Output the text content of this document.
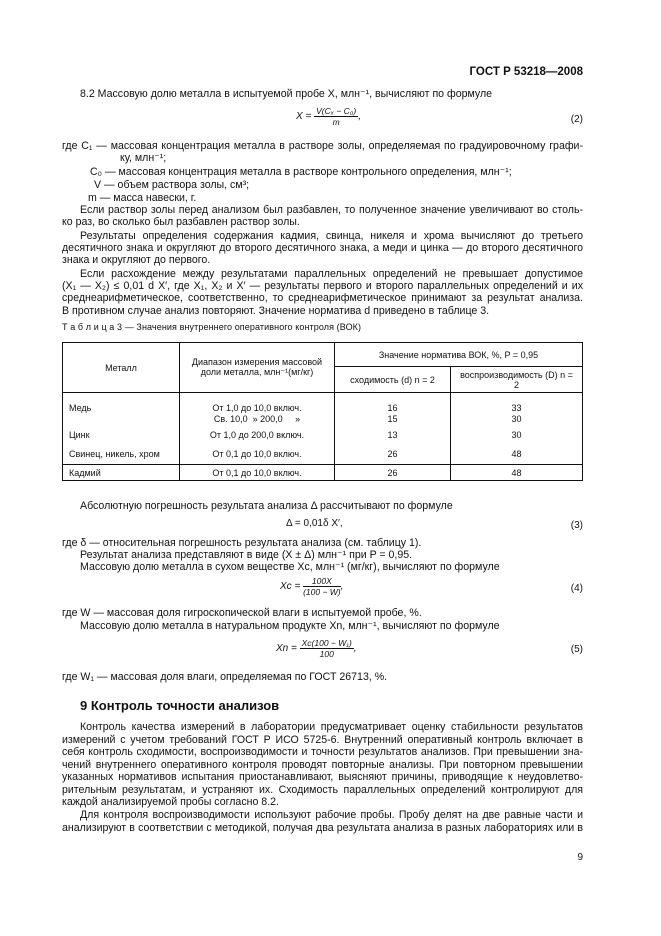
ГОСТ Р 53218—2008
8.2 Массовую долю металла в испытуемой пробе X, млн⁻¹, вычисляют по формуле
$X = \frac{\text{V(Cₓ − C₀)}}{m}$ ,	(2)
где C₁ — массовая концентрация металла в растворе золы, определяемая по градуировочному графи-
ку, млн⁻¹;
C₀ — массовая концентрация металла в растворе контрольного определения, млн⁻¹;
V — объем раствора золы, см³;
m — масса навески, г.
Если раствор золы перед анализом был разбавлен, то полученное значение увеличивают во столь-
ко раз, во сколько был разбавлен раствор золы.
Результаты определения содержания кадмия, свинца, никеля и хрома вычисляют до третьего
десятичного знака и округляют до второго десятичного знака, а меди и цинка — до второго десятичного
знака и округляют до первого.
Если расхождение между результатами параллельных определений не превышает допустимое
(X₁ — X₂) ≤ 0,01 d X′, где X₁, X₂ и X′ — результаты первого и второго параллельных определений и их
среднеарифметическое, соответственно, то среднеарифметическое принимают за результат анализа.
В противном случае анализ повторяют. Значение норматива d приведено в таблице 3.
Т а б л и ц а 3 — Значения внутреннего оперативного контроля (ВОК)
Металл	Диапазон измерения массовой доли металла, млн⁻¹(мг/кг)	Значение норматива ВОК, %, P = 0,95	
		сходимость (d) n = 2	воспроизводимость (D) n = 2
Медь	От 1,0 до 10,0 включ.	16	33
	Св. 10,0  » 200,0     »	15	30
Цинк	От 1,0 до 200,0 включ.	13	30
Свинец, никель, хром	От 0,1 до 10,0 включ.	26	48
Кадмий	От 0,1 до 10,0 включ.	26	48
Абсолютную погрешность результата анализа Δ рассчитывают по формуле
Δ = 0,01δ X′,	(3)
где δ — относительная погрешность результата анализа (см. таблицу 1).
Результат анализа представляют в виде (X ± Δ) млн⁻¹ при P = 0,95.
Массовую долю металла в сухом веществе Xc, млн⁻¹ (мг/кг), вычисляют по формуле
$Xc = \frac{100X}{(100 - W)}$ ,	(4)
где W — массовая доля гигроскопической влаги в испытуемой пробе, %.
Массовую долю металла в натуральном продукте Xn, млн⁻¹, вычисляют по формуле
$Xn = \frac{\text{Xc(100 − W₁)}}{100}$ ,	(5)
где W₁ — массовая доля влаги, определяемая по ГОСТ 26713, %.
9 Контроль точности анализов
Контроль качества измерений в лаборатории предусматривает оценку стабильности результатов
измерений с учетом требований ГОСТ Р ИСО 5725-6. Внутренний оперативный контроль включает в
себя контроль сходимости, воспроизводимости и точности результатов анализов. При превышении зна-
чений внутреннего оперативного контроля проводят повторные анализы. При повторном превышении
указанных нормативов испытания приостанавливают, выясняют причины, приводящие к неудовлетво-
рительным результатам, и устраняют их. Сходимость параллельных определений контролируют для
каждой анализируемой пробы согласно 8.2.
Для контроля воспроизводимости используют рабочие пробы. Пробу делят на две равные части и
анализируют в соответствии с методикой, получая два результата анализа в разных лабораториях или в
9
